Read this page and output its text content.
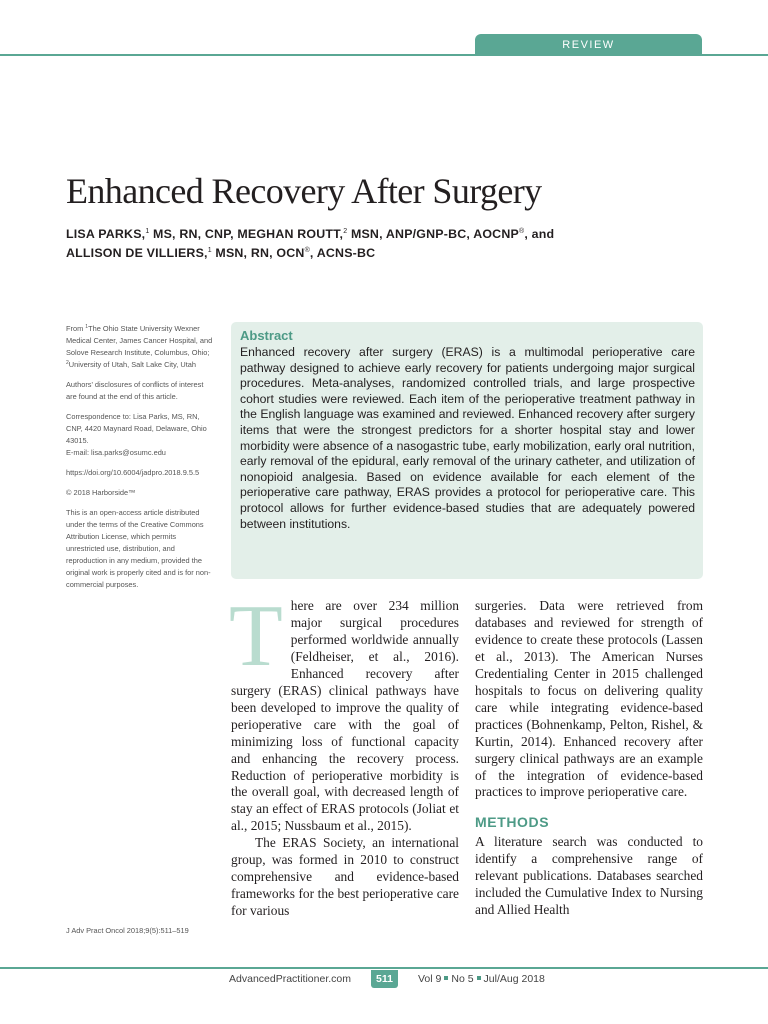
REVIEW
Enhanced Recovery After Surgery
LISA PARKS,$^1$ MS, RN, CNP, MEGHAN ROUTT,$^2$ MSN, ANP/GNP-BC, AOCNP®, and
ALLISON DE VILLIERS,$^1$ MSN, RN, OCN®, ACNS-BC

From $^1$The Ohio State University Wexner Medical Center, James Cancer Hospital, and Solove Research Institute, Columbus, Ohio; $^2$University of Utah, Salt Lake City, Utah

Authors' disclosures of conflicts of interest are found at the end of this article.

Correspondence to: Lisa Parks, MS, RN, CNP, 4420 Maynard Road, Delaware, Ohio 43015.
E-mail: lisa.parks@osumc.edu

https://doi.org/10.6004/jadpro.2018.9.5.5

© 2018 Harborside™

This is an open-access article distributed under the terms of the Creative Commons Attribution License, which permits unrestricted use, distribution, and reproduction in any medium, provided the original work is properly cited and is for non-commercial purposes.

Abstract
Enhanced recovery after surgery (ERAS) is a multimodal perioperative care pathway designed to achieve early recovery for patients undergoing major surgical procedures. Meta-analyses, randomized controlled trials, and large prospective cohort studies were reviewed. Each item of the perioperative treatment pathway in the English language was examined and reviewed. Enhanced recovery after surgery items that were the strongest predictors for a shorter hospital stay and lower morbidity were absence of a nasogastric tube, early mobilization, early oral nutrition, early removal of the epidural, early removal of the urinary catheter, and utilization of nonopioid analgesia. Based on evidence available for each element of the perioperative care pathway, ERAS provides a protocol for perioperative care. This protocol allows for further evidence-based studies that are adequately powered between institutions.
T here are over 234 million major surgical procedures performed worldwide annually (Feldheiser, et al., 2016). Enhanced recovery after surgery (ERAS) clinical pathways have been developed to improve the quality of perioperative care with the goal of minimizing loss of functional capacity and enhancing the recovery process. Reduction of perioperative morbidity is the overall goal, with decreased length of stay an effect of ERAS protocols (Joliat et al., 2015; Nussbaum et al., 2015).

The ERAS Society, an international group, was formed in 2010 to construct comprehensive and evidence-based frameworks for the best perioperative care for various

surgeries. Data were retrieved from databases and reviewed for strength of evidence to create these protocols (Lassen et al., 2013). The American Nurses Credentialing Center in 2015 challenged hospitals to focus on delivering quality care while integrating evidence-based practices (Bohnenkamp, Pelton, Rishel, & Kurtin, 2014). Enhanced recovery after surgery clinical pathways are an example of the integration of evidence-based practices to improve perioperative care.

METHODS

A literature search was conducted to identify a comprehensive range of relevant publications. Databases searched included the Cumulative Index to Nursing and Allied Health

J Adv Pract Oncol 2018;9(5):511–519
AdvancedPractitioner.com	511	Vol 9 No 5 Jul/Aug 2018
